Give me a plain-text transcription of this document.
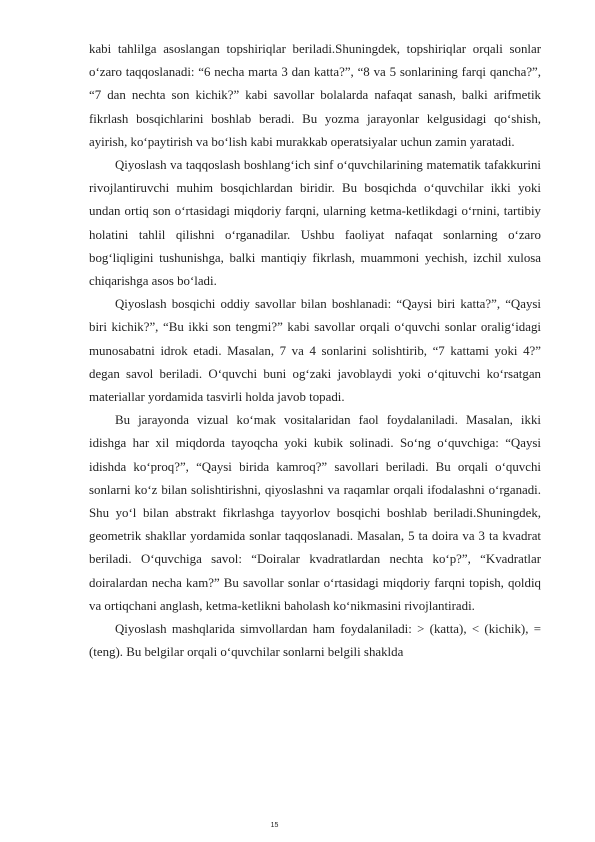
kabi tahlilga asoslangan topshiriqlar beriladi.Shuningdek, topshiriqlar orqali sonlar o‘zaro taqqoslanadi: “6 necha marta 3 dan katta?”, “8 va 5 sonlarining farqi qancha?”, “7 dan nechta son kichik?” kabi savollar bolalarda nafaqat sanash, balki arifmetik fikrlash bosqichlarini boshlab beradi. Bu yozma jarayonlar kelgusidagi qo‘shish, ayirish, ko‘paytirish va bo‘lish kabi murakkab operatsiyalar uchun zamin yaratadi.

Qiyoslash va taqqoslash boshlang‘ich sinf o‘quvchilarining matematik tafakkurini rivojlantiruvchi muhim bosqichlardan biridir. Bu bosqichda o‘quvchilar ikki yoki undan ortiq son o‘rtasidagi miqdoriy farqni, ularning ketma-ketlikdagi o‘rnini, tartibiy holatini tahlil qilishni o‘rganadilar. Ushbu faoliyat nafaqat sonlarning o‘zaro bog‘liqligini tushunishga, balki mantiqiy fikrlash, muammoni yechish, izchil xulosa chiqarishga asos bo‘ladi.

Qiyoslash bosqichi oddiy savollar bilan boshlanadi: “Qaysi biri katta?”, “Qaysi biri kichik?”, “Bu ikki son tengmi?” kabi savollar orqali o‘quvchi sonlar oralig‘idagi munosabatni idrok etadi. Masalan, 7 va 4 sonlarini solishtirib, “7 kattami yoki 4?” degan savol beriladi. O‘quvchi buni og‘zaki javoblaydi yoki o‘qituvchi ko‘rsatgan materiallar yordamida tasvirli holda javob topadi.

Bu jarayonda vizual ko‘mak vositalaridan faol foydalaniladi. Masalan, ikki idishga har xil miqdorda tayoqcha yoki kubik solinadi. So‘ng o‘quvchiga: “Qaysi idishda ko‘proq?”, “Qaysi birida kamroq?” savollari beriladi. Bu orqali o‘quvchi sonlarni ko‘z bilan solishtirishni, qiyoslashni va raqamlar orqali ifodalashni o‘rganadi. Shu yo‘l bilan abstrakt fikrlashga tayyorlov bosqichi boshlab beriladi.Shuningdek, geometrik shakllar yordamida sonlar taqqoslanadi. Masalan, 5 ta doira va 3 ta kvadrat beriladi. O‘quvchiga savol: “Doiralar kvadratlardan nechta ko‘p?”, “Kvadratlar doiralardan necha kam?” Bu savollar sonlar o‘rtasidagi miqdoriy farqni topish, qoldiq va ortiqchani anglash, ketma-ketlikni baholash ko‘nikmasini rivojlantiradi.

Qiyoslash mashqlarida simvollardan ham foydalaniladi: > (katta), < (kichik), = (teng). Bu belgilar orqali o‘quvchilar sonlarni belgili shaklda

15
